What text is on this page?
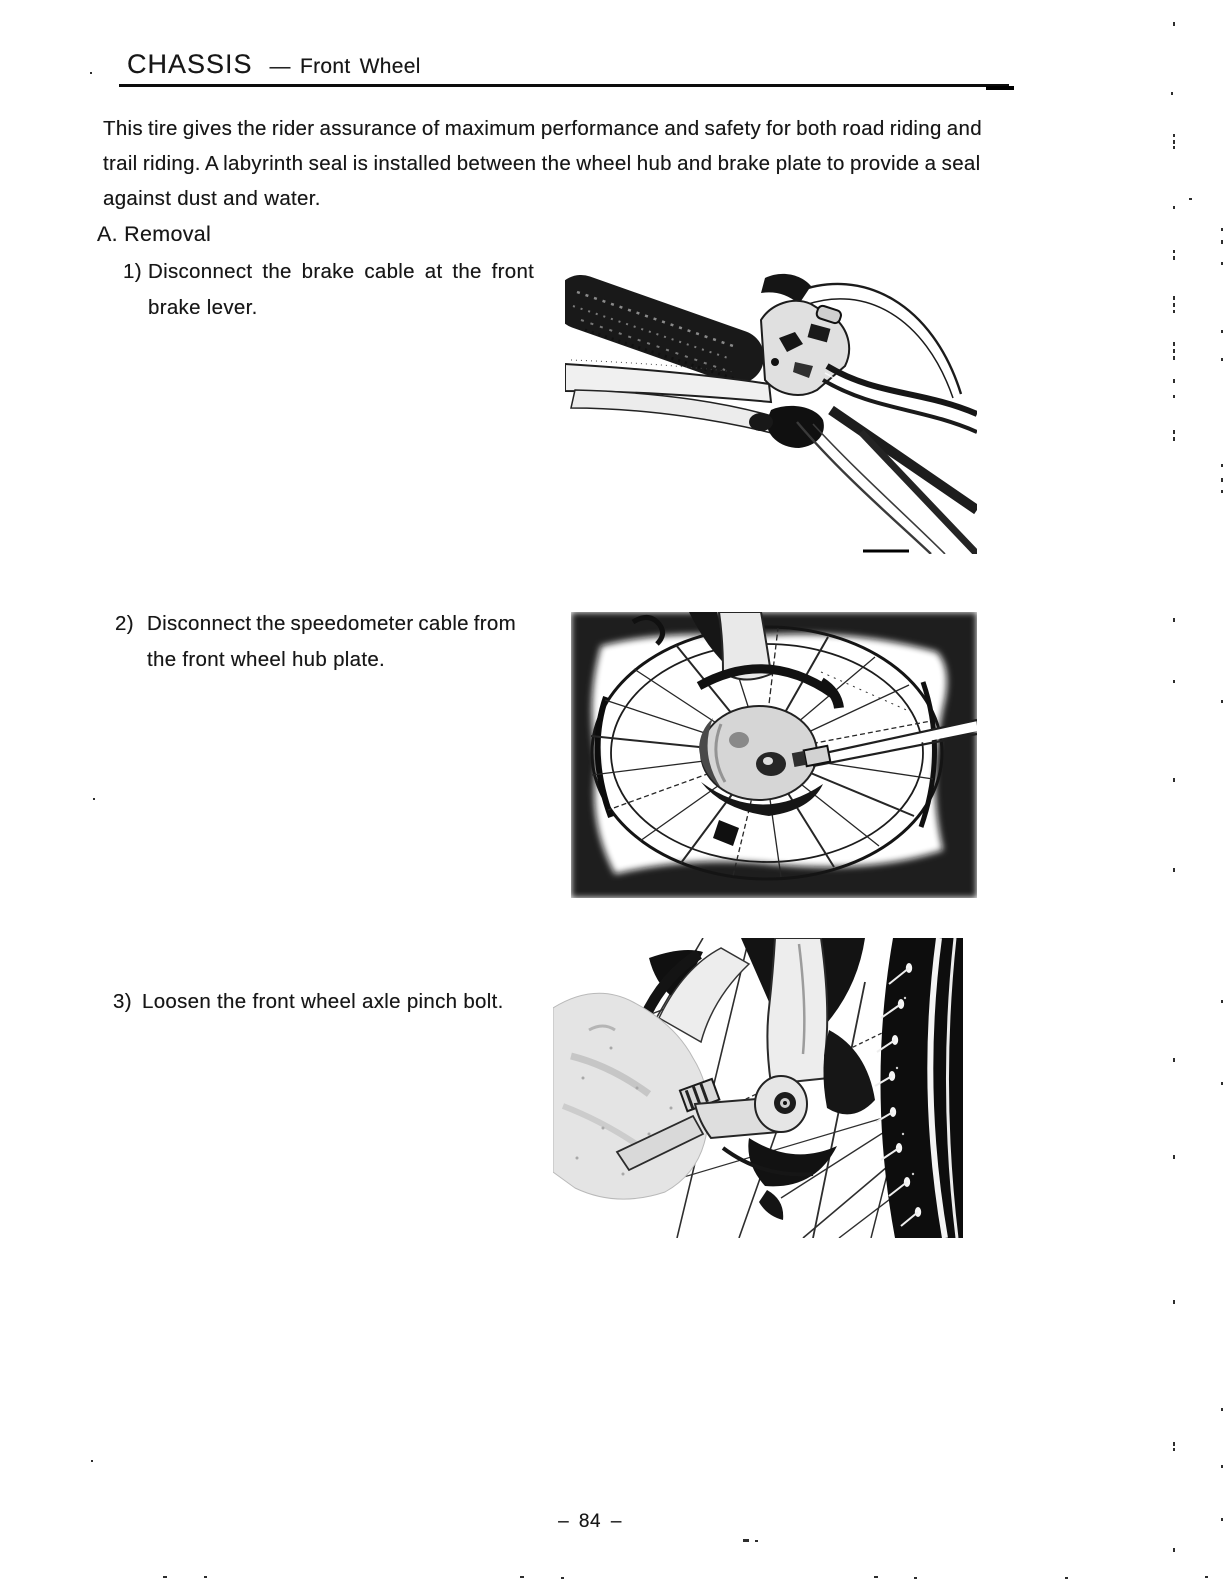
CHASSIS — Front Wheel
This tire gives the rider assurance of maximum performance and safety for both road riding and
trail riding. A labyrinth seal is installed between the wheel hub and brake plate to provide a seal
against dust and water.
A. Removal
1) Disconnect the brake cable at the front
brake lever.
2) Disconnect the speedometer cable from
the front wheel hub plate.
3) Loosen the front wheel axle pinch bolt.
– 84 –
